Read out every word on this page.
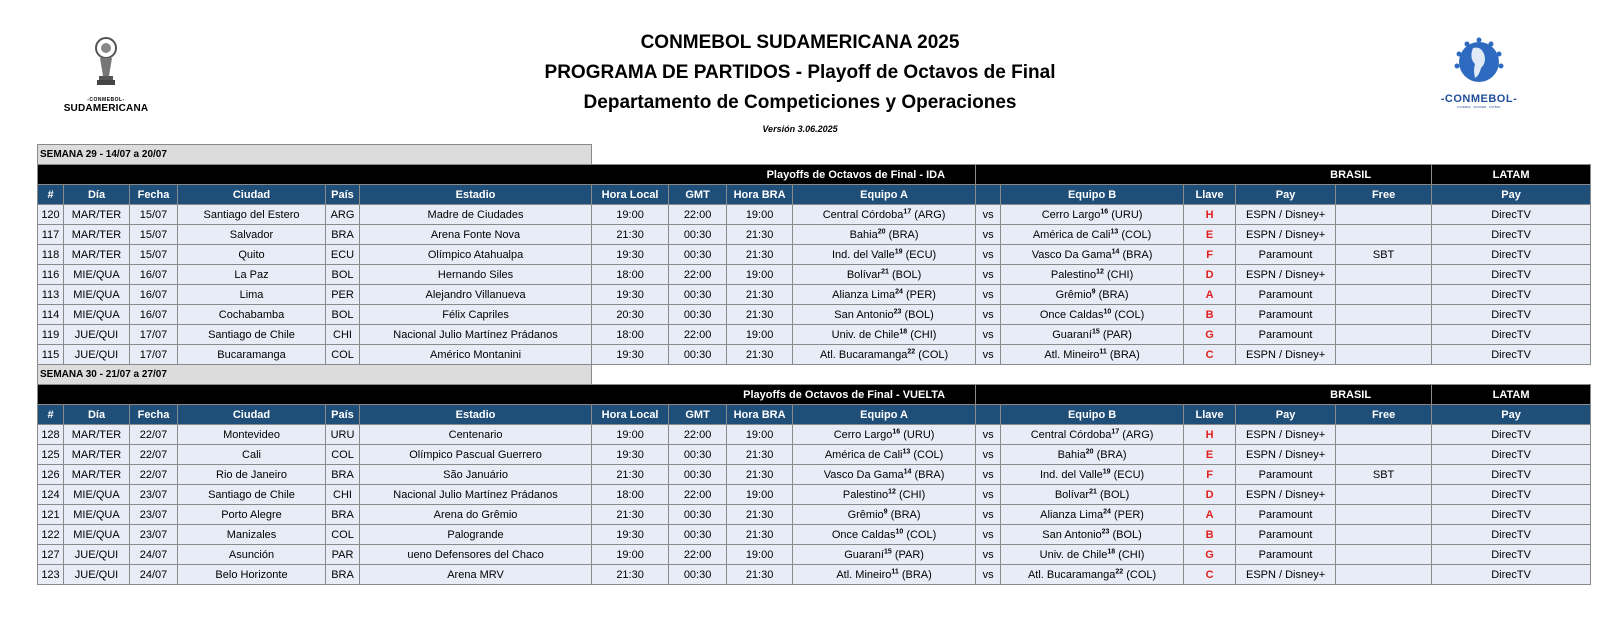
-CONMEBOL-
SUDAMERICANA
CONMEBOL SUDAMERICANA 2025
PROGRAMA DE PARTIDOS - Playoff de Octavos de Final
Departamento de Competiciones y Operaciones
Versión 3.06.2025
-CONMEBOL-
FUTEBOL · SOCCER · FÚTBOL
SEMANA 29 - 14/07 a 20/07															
Playoffs de Octavos de Final - IDA										BRASIL					LATAM
#	Día	Fecha	Ciudad	País	Estadio	Hora Local	GMT	Hora BRA	Equipo A		Equipo B	Llave	Pay	Free	Pay
120	MAR/TER	15/07	Santiago del Estero	ARG	Madre de Ciudades	19:00	22:00	19:00	Central Córdoba$^{17}$ (ARG)	vs	Cerro Largo$^{16}$ (URU)	H	ESPN / Disney+		DirecTV
117	MAR/TER	15/07	Salvador	BRA	Arena Fonte Nova	21:30	00:30	21:30	Bahia$^{20}$ (BRA)	vs	América de Cali$^{13}$ (COL)	E	ESPN / Disney+		DirecTV
118	MAR/TER	15/07	Quito	ECU	Olímpico Atahualpa	19:30	00:30	21:30	Ind. del Valle$^{19}$ (ECU)	vs	Vasco Da Gama$^{14}$ (BRA)	F	Paramount	SBT	DirecTV
116	MIE/QUA	16/07	La Paz	BOL	Hernando Siles	18:00	22:00	19:00	Bolívar$^{21}$ (BOL)	vs	Palestino$^{12}$ (CHI)	D	ESPN / Disney+		DirecTV
113	MIE/QUA	16/07	Lima	PER	Alejandro Villanueva	19:30	00:30	21:30	Alianza Lima$^{24}$ (PER)	vs	Grêmio$^9$ (BRA)	A	Paramount		DirecTV
114	MIE/QUA	16/07	Cochabamba	BOL	Félix Capriles	20:30	00:30	21:30	San Antonio$^{23}$ (BOL)	vs	Once Caldas$^{10}$ (COL)	B	Paramount		DirecTV
119	JUE/QUI	17/07	Santiago de Chile	CHI	Nacional Julio Martínez Prádanos	18:00	22:00	19:00	Univ. de Chile$^{18}$ (CHI)	vs	Guaraní$^{15}$ (PAR)	G	Paramount		DirecTV
115	JUE/QUI	17/07	Bucaramanga	COL	Américo Montanini	19:30	00:30	21:30	Atl. Bucaramanga$^{22}$ (COL)	vs	Atl. Mineiro$^{11}$ (BRA)	C	ESPN / Disney+		DirecTV
SEMANA 30 - 21/07 a 27/07															
Playoffs de Octavos de Final - VUELTA										BRASIL					LATAM
#	Día	Fecha	Ciudad	País	Estadio	Hora Local	GMT	Hora BRA	Equipo A		Equipo B	Llave	Pay	Free	Pay
128	MAR/TER	22/07	Montevideo	URU	Centenario	19:00	22:00	19:00	Cerro Largo$^{16}$ (URU)	vs	Central Córdoba$^{17}$ (ARG)	H	ESPN / Disney+		DirecTV
125	MAR/TER	22/07	Cali	COL	Olímpico Pascual Guerrero	19:30	00:30	21:30	América de Cali$^{13}$ (COL)	vs	Bahia$^{20}$ (BRA)	E	ESPN / Disney+		DirecTV
126	MAR/TER	22/07	Rio de Janeiro	BRA	São Januário	21:30	00:30	21:30	Vasco Da Gama$^{14}$ (BRA)	vs	Ind. del Valle$^{19}$ (ECU)	F	Paramount	SBT	DirecTV
124	MIE/QUA	23/07	Santiago de Chile	CHI	Nacional Julio Martínez Prádanos	18:00	22:00	19:00	Palestino$^{12}$ (CHI)	vs	Bolívar$^{21}$ (BOL)	D	ESPN / Disney+		DirecTV
121	MIE/QUA	23/07	Porto Alegre	BRA	Arena do Grêmio	21:30	00:30	21:30	Grêmio$^9$ (BRA)	vs	Alianza Lima$^{24}$ (PER)	A	Paramount		DirecTV
122	MIE/QUA	23/07	Manizales	COL	Palogrande	19:30	00:30	21:30	Once Caldas$^{10}$ (COL)	vs	San Antonio$^{23}$ (BOL)	B	Paramount		DirecTV
127	JUE/QUI	24/07	Asunción	PAR	ueno Defensores del Chaco	19:00	22:00	19:00	Guaraní$^{15}$ (PAR)	vs	Univ. de Chile$^{18}$ (CHI)	G	Paramount		DirecTV
123	JUE/QUI	24/07	Belo Horizonte	BRA	Arena MRV	21:30	00:30	21:30	Atl. Mineiro$^{11}$ (BRA)	vs	Atl. Bucaramanga$^{22}$ (COL)	C	ESPN / Disney+		DirecTV
